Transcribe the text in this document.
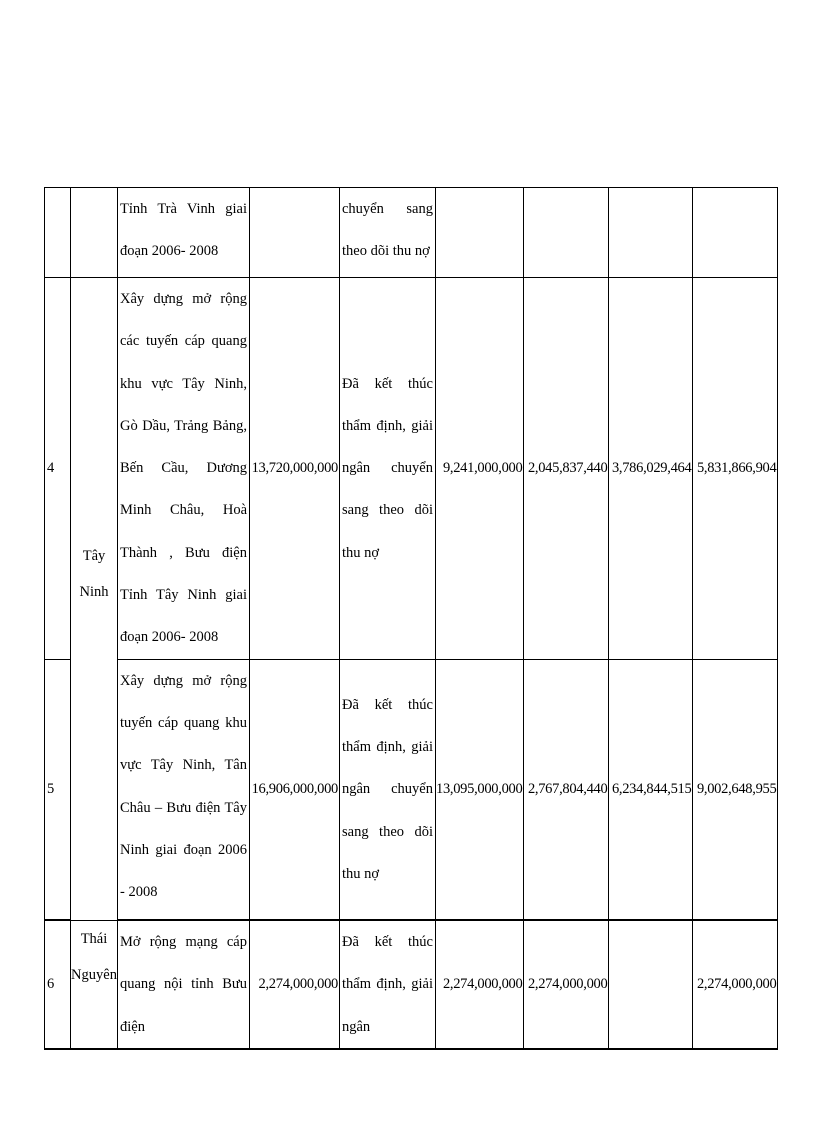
		Tỉnh Trà Vinh giai đoạn 2006- 2008		chuyển sang theo dõi thu nợ				

4	Tây Ninh	Xây dựng mở rộng các tuyến cáp quang khu vực Tây Ninh, Gò Dầu, Trảng Bảng, Bến Cầu, Dương Minh Châu, Hoà Thành , Bưu điện Tỉnh Tây Ninh giai đoạn 2006- 2008	13,720,000,000	Đã kết thúc thẩm định, giải ngân chuyển sang theo dõi thu nợ	9,241,000,000	2,045,837,440	3,786,029,464	5,831,866,904

5		Xây dựng mở rộng tuyến cáp quang khu vực Tây Ninh, Tân Châu – Bưu điện Tây Ninh giai đoạn 2006 - 2008	16,906,000,000	Đã kết thúc thẩm định, giải ngân chuyển sang theo dõi thu nợ	13,095,000,000	2,767,804,440	6,234,844,515	9,002,648,955

6	Thái Nguyên	Mở rộng mạng cáp quang nội tỉnh Bưu điện	2,274,000,000	Đã kết thúc thẩm định, giải ngân	2,274,000,000	2,274,000,000		2,274,000,000
